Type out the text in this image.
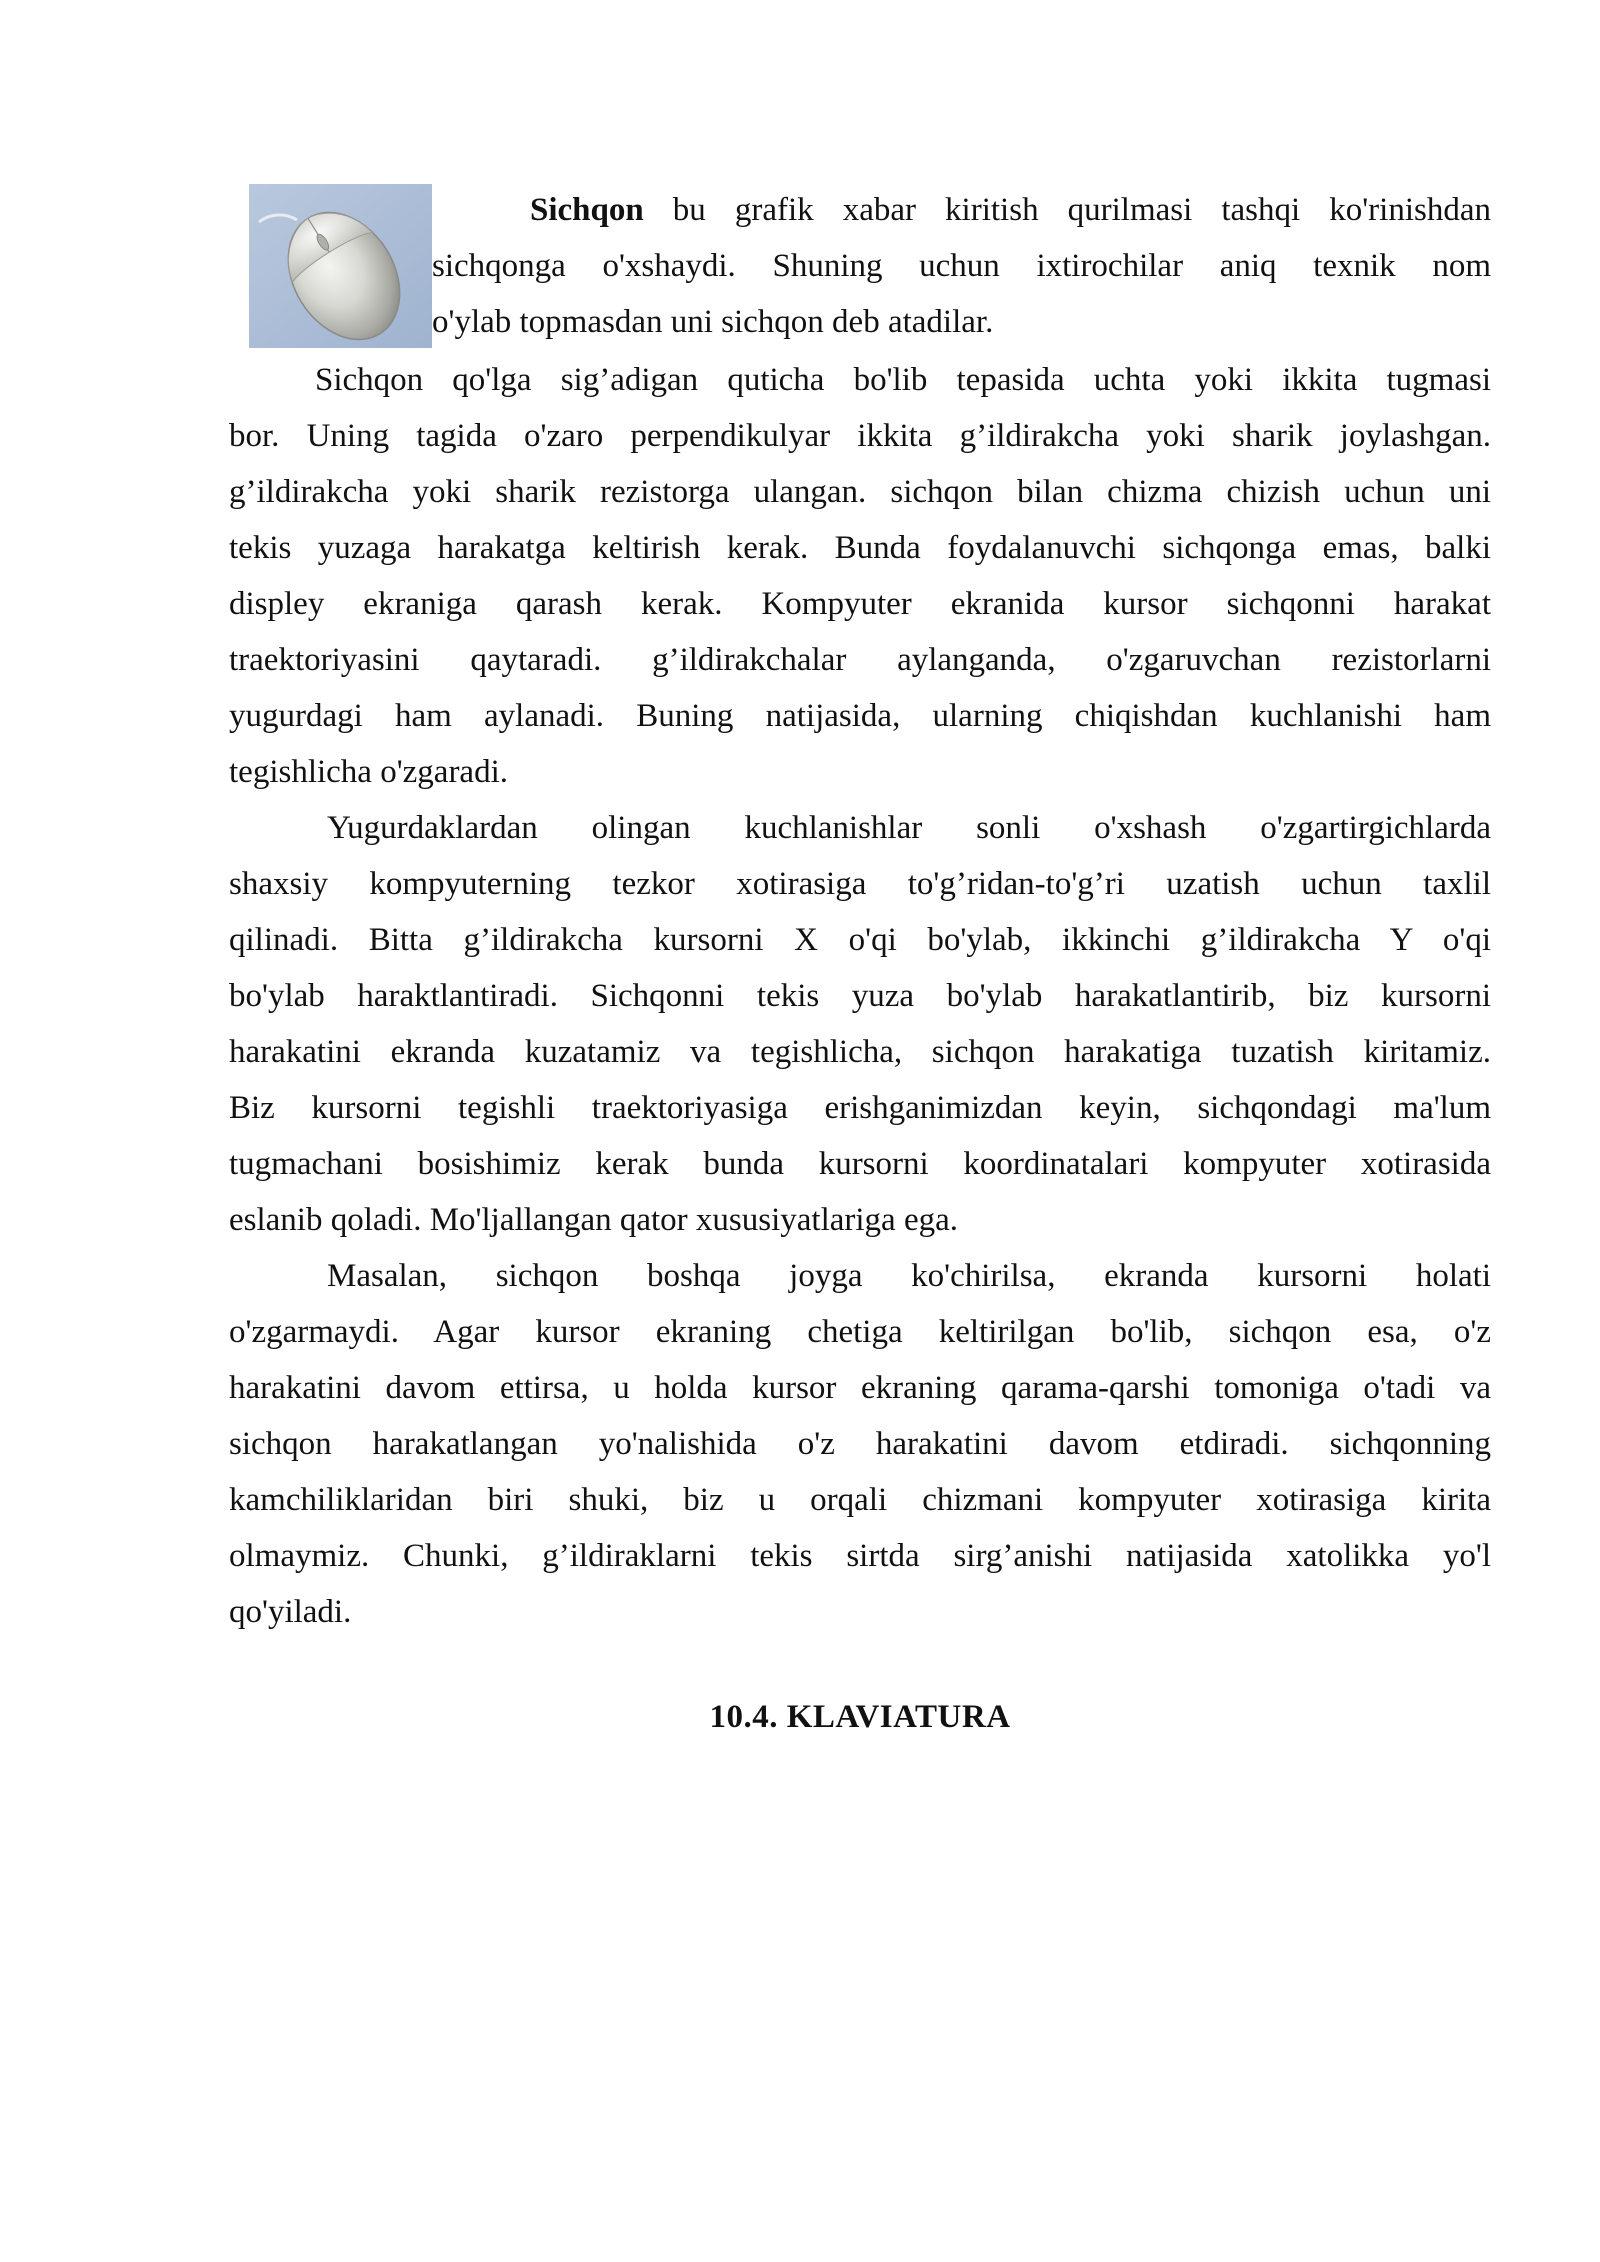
Sichqon bu grafik xabar kiritish qurilmasi tashqi ko'rinishdan
sichqonga o'xshaydi. Shuning uchun ixtirochilar aniq texnik nom
o'ylab topmasdan uni sichqon deb atadilar.
Sichqon qo'lga sig’adigan quticha bo'lib tepasida uchta yoki ikkita tugmasi
bor. Uning tagida o'zaro perpendikulyar ikkita g’ildirakcha yoki sharik joylashgan.
g’ildirakcha yoki sharik rezistorga ulangan. sichqon bilan chizma chizish uchun uni
tekis yuzaga harakatga keltirish kerak. Bunda foydalanuvchi sichqonga emas, balki
displey ekraniga qarash kerak. Kompyuter ekranida kursor sichqonni harakat
traektoriyasini qaytaradi. g’ildirakchalar aylanganda, o'zgaruvchan rezistorlarni
yugurdagi ham aylanadi. Buning natijasida, ularning chiqishdan kuchlanishi ham
tegishlicha o'zgaradi.
Yugurdaklardan olingan kuchlanishlar sonli o'xshash o'zgartirgichlarda
shaxsiy kompyuterning tezkor xotirasiga to'g’ridan-to'g’ri uzatish uchun taxlil
qilinadi. Bitta g’ildirakcha kursorni X o'qi bo'ylab, ikkinchi g’ildirakcha Y o'qi
bo'ylab haraktlantiradi. Sichqonni tekis yuza bo'ylab harakatlantirib, biz kursorni
harakatini ekranda kuzatamiz va tegishlicha, sichqon harakatiga tuzatish kiritamiz.
Biz kursorni tegishli traektoriyasiga erishganimizdan keyin, sichqondagi ma'lum
tugmachani bosishimiz kerak bunda kursorni koordinatalari kompyuter xotirasida
eslanib qoladi. Mo'ljallangan qator xususiyatlariga ega.
Masalan, sichqon boshqa joyga ko'chirilsa, ekranda kursorni holati
o'zgarmaydi. Agar kursor ekraning chetiga keltirilgan bo'lib, sichqon esa, o'z
harakatini davom ettirsa, u holda kursor ekraning qarama-qarshi tomoniga o'tadi va
sichqon harakatlangan yo'nalishida o'z harakatini davom etdiradi. sichqonning
kamchiliklaridan biri shuki, biz u orqali chizmani kompyuter xotirasiga kirita
olmaymiz. Chunki, g’ildiraklarni tekis sirtda sirg’anishi natijasida xatolikka yo'l
qo'yiladi.
10.4. KLAVIATURA
